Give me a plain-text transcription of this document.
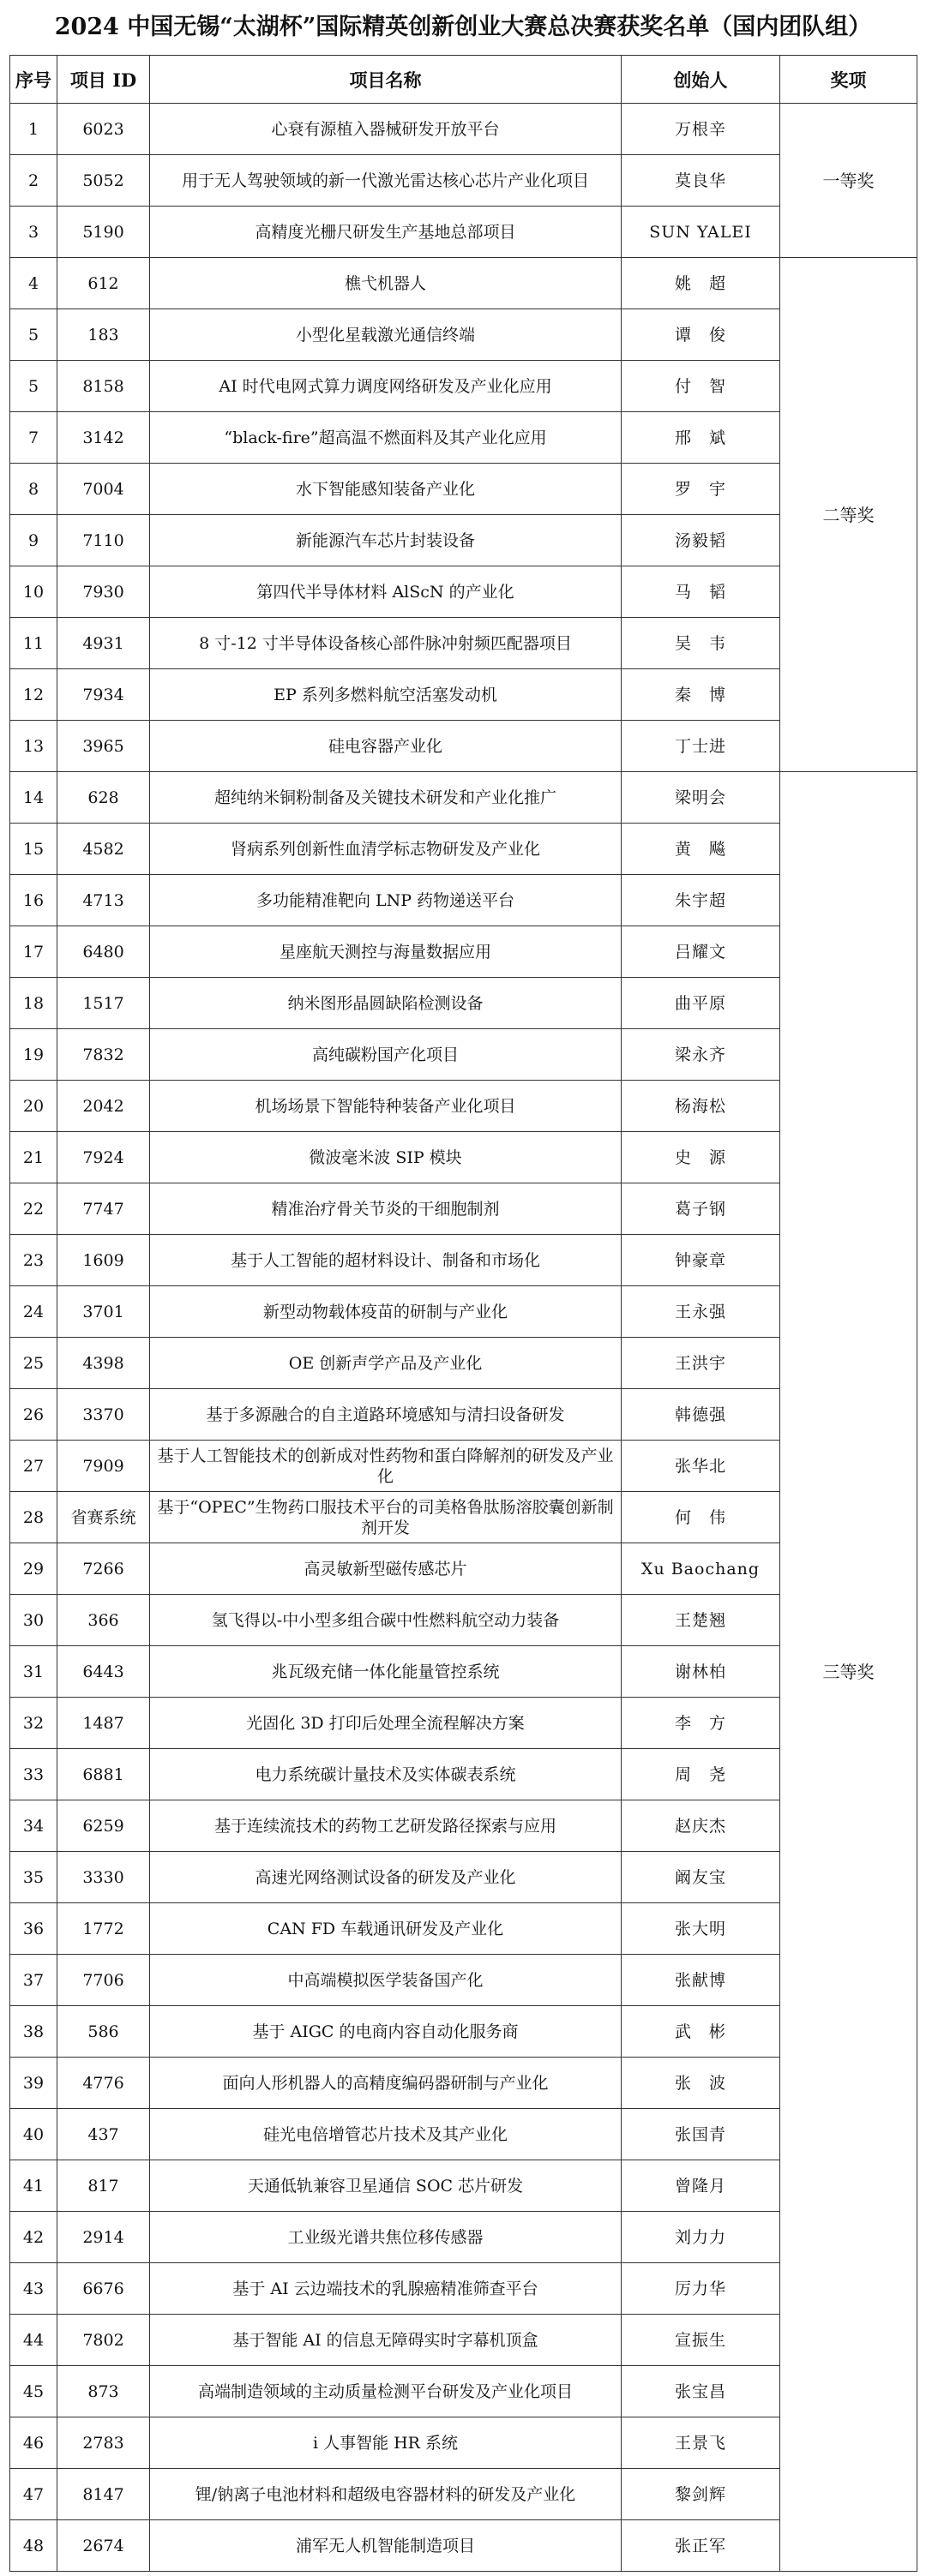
2024 中国无锡“太湖杯”国际精英创新创业大赛总决赛获奖名单（国内团队组）
序号	项目 ID	项目名称	创始人	奖项
1	6023	心衰有源植入器械研发开放平台	万根辛	一等奖
2	5052	用于无人驾驶领域的新一代激光雷达核心芯片产业化项目	莫良华	
3	5190	高精度光栅尺研发生产基地总部项目	SUN YALEI	
4	612	樵弋机器人	姚　超	二等奖
5	183	小型化星载激光通信终端	谭　俊	
5	8158	AI 时代电网式算力调度网络研发及产业化应用	付　智	
7	3142	“black-fire”超高温不燃面料及其产业化应用	邢　斌	
8	7004	水下智能感知装备产业化	罗　宇	
9	7110	新能源汽车芯片封装设备	汤毅韬	
10	7930	第四代半导体材料 AlScN 的产业化	马　韬	
11	4931	8 寸-12 寸半导体设备核心部件脉冲射频匹配器项目	吴　韦	
12	7934	EP 系列多燃料航空活塞发动机	秦　博	
13	3965	硅电容器产业化	丁士进	
14	628	超纯纳米铜粉制备及关键技术研发和产业化推广	梁明会	三等奖
15	4582	肾病系列创新性血清学标志物研发及产业化	黄　飚	
16	4713	多功能精准靶向 LNP 药物递送平台	朱宇超	
17	6480	星座航天测控与海量数据应用	吕耀文	
18	1517	纳米图形晶圆缺陷检测设备	曲平原	
19	7832	高纯碳粉国产化项目	梁永齐	
20	2042	机场场景下智能特种装备产业化项目	杨海松	
21	7924	微波毫米波 SIP 模块	史　源	
22	7747	精准治疗骨关节炎的干细胞制剂	葛子钢	
23	1609	基于人工智能的超材料设计、制备和市场化	钟豪章	
24	3701	新型动物载体疫苗的研制与产业化	王永强	
25	4398	OE 创新声学产品及产业化	王洪宇	
26	3370	基于多源融合的自主道路环境感知与清扫设备研发	韩德强	
27	7909	基于人工智能技术的创新成对性药物和蛋白降解剂的研发及产业化	张华北	
28	省赛系统	基于“OPEC”生物药口服技术平台的司美格鲁肽肠溶胶囊创新制剂开发	何　伟	
29	7266	高灵敏新型磁传感芯片	Xu Baochang	
30	366	氢飞得以-中小型多组合碳中性燃料航空动力装备	王楚翘	
31	6443	兆瓦级充储一体化能量管控系统	谢林柏	
32	1487	光固化 3D 打印后处理全流程解决方案	李　方	
33	6881	电力系统碳计量技术及实体碳表系统	周　尧	
34	6259	基于连续流技术的药物工艺研发路径探索与应用	赵庆杰	
35	3330	高速光网络测试设备的研发及产业化	阚友宝	
36	1772	CAN FD 车载通讯研发及产业化	张大明	
37	7706	中高端模拟医学装备国产化	张献博	
38	586	基于 AIGC 的电商内容自动化服务商	武　彬	
39	4776	面向人形机器人的高精度编码器研制与产业化	张　波	
40	437	硅光电倍增管芯片技术及其产业化	张国青	
41	817	天通低轨兼容卫星通信 SOC 芯片研发	曾隆月	
42	2914	工业级光谱共焦位移传感器	刘力力	
43	6676	基于 AI 云边端技术的乳腺癌精准筛查平台	厉力华	
44	7802	基于智能 AI 的信息无障碍实时字幕机顶盒	宣振生	
45	873	高端制造领域的主动质量检测平台研发及产业化项目	张宝昌	
46	2783	i 人事智能 HR 系统	王景飞	
47	8147	锂/钠离子电池材料和超级电容器材料的研发及产业化	黎剑辉	
48	2674	浦军无人机智能制造项目	张正军	
